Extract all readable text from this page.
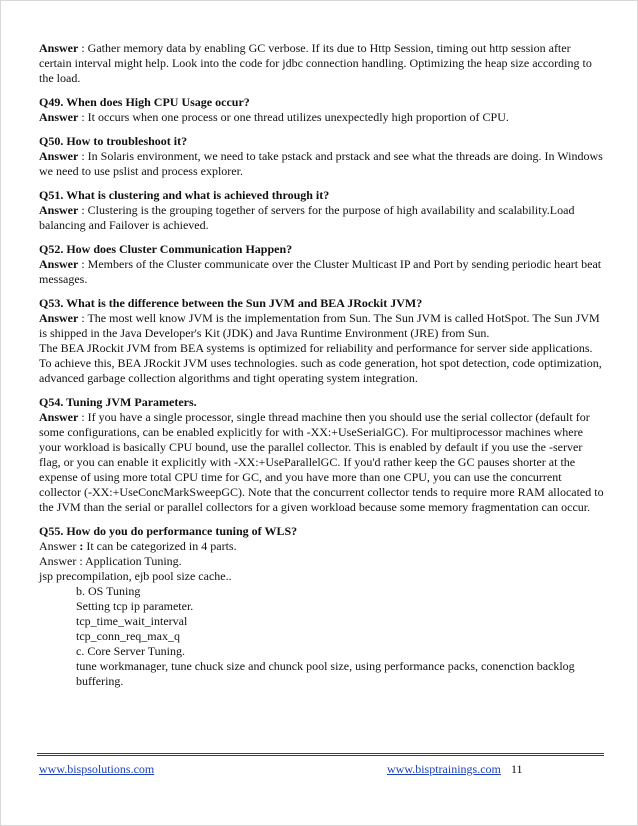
Answer : Gather memory data by enabling GC verbose. If its due to Http Session, timing out http session after certain interval might help. Look into the code for jdbc connection handling. Optimizing the heap size according to the load.

Q49. When does High CPU Usage occur?

Answer : It occurs when one process or one thread utilizes unexpectedly high proportion of CPU.

Q50. How to troubleshoot it?

Answer : In Solaris environment, we need to take pstack and prstack and see what the threads are doing. In Windows we need to use pslist and process explorer.

Q51. What is clustering and what is achieved through it?

Answer : Clustering is the grouping together of servers for the purpose of high availability and scalability.Load balancing and Failover is achieved.

Q52. How does Cluster Communication Happen?

Answer : Members of the Cluster communicate over the Cluster Multicast IP and Port by sending periodic heart beat messages.

Q53. What is the difference between the Sun JVM and BEA JRockit JVM?

Answer : The most well know JVM is the implementation from Sun. The Sun JVM is called HotSpot. The Sun JVM is shipped in the Java Developer's Kit (JDK) and Java Runtime Environment (JRE) from Sun.

The BEA JRockit JVM from BEA systems is optimized for reliability and performance for server side applications. To achieve this, BEA JRockit JVM uses technologies. such as code generation, hot spot detection, code optimization, advanced garbage collection algorithms and tight operating system integration.

Q54. Tuning JVM Parameters.

Answer : If you have a single processor, single thread machine then you should use the serial collector (default for some configurations, can be enabled explicitly for with -XX:+UseSerialGC). For multiprocessor machines where your workload is basically CPU bound, use the parallel collector. This is enabled by default if you use the -server flag, or you can enable it explicitly with -XX:+UseParallelGC. If you'd rather keep the GC pauses shorter at the expense of using more total CPU time for GC, and you have more than one CPU, you can use the concurrent collector (-XX:+UseConcMarkSweepGC). Note that the concurrent collector tends to require more RAM allocated to the JVM than the serial or parallel collectors for a given workload because some memory fragmentation can occur.

Q55. How do you do performance tuning of WLS?

Answer : It can be categorized in 4 parts.

Answer : Application Tuning.

jsp precompilation, ejb pool size cache..

b. OS Tuning

Setting tcp ip parameter.

tcp_time_wait_interval

tcp_conn_req_max_q

c. Core Server Tuning.

tune workmanager, tune chuck size and chunck pool size, using performance packs, conenction backlog buffering.

www.bispsolutions.com	www.bisptrainings.com 11
